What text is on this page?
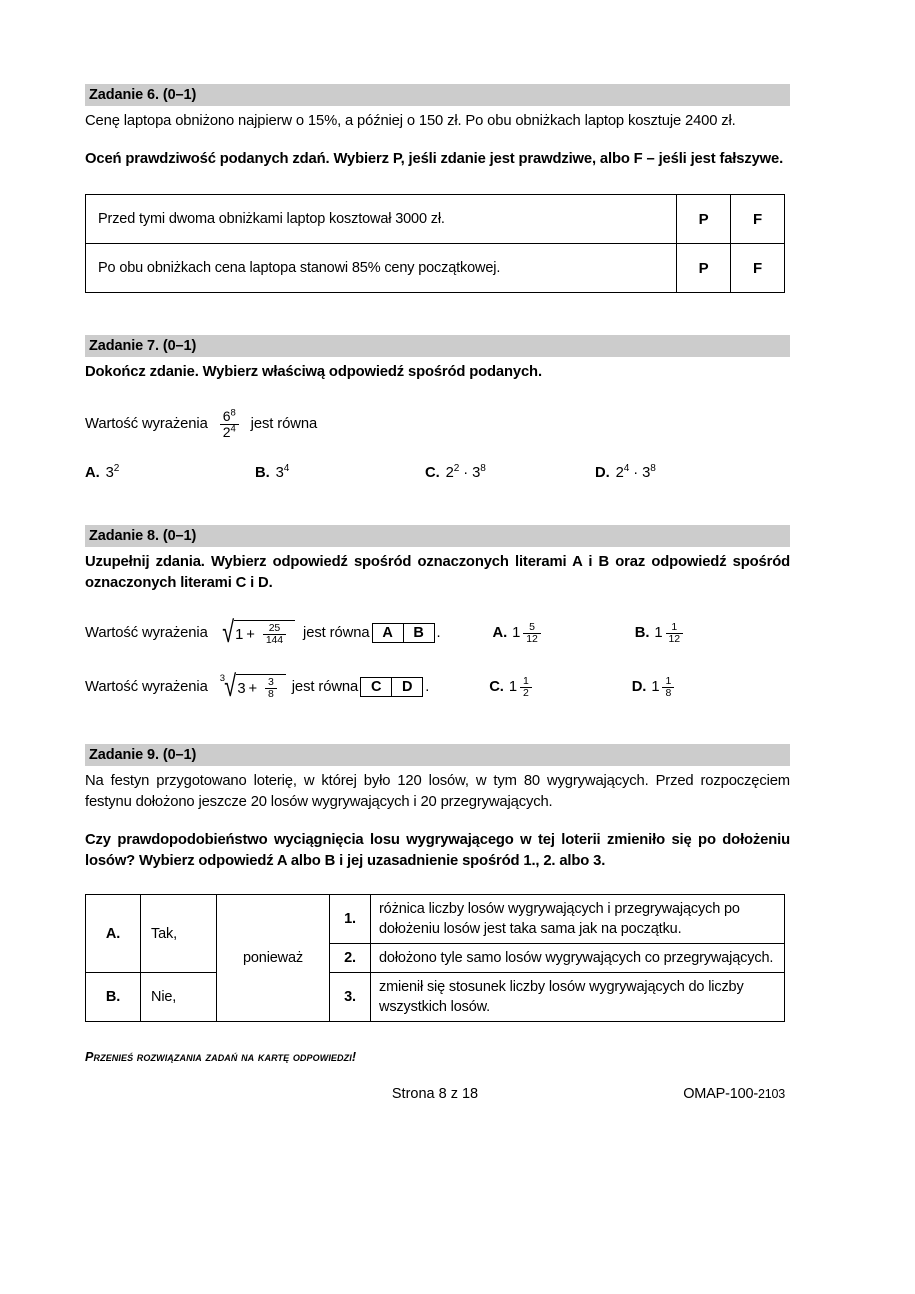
Zadanie 6. (0–1)
Cenę laptopa obniżono najpierw o 15%, a później o 150 zł. Po obu obniżkach laptop kosztuje 2400 zł.
Oceń prawdziwość podanych zdań. Wybierz P, jeśli zdanie jest prawdziwe, albo F – jeśli jest fałszywe.
Przed tymi dwoma obniżkami laptop kosztował 3000 zł.	P	F
Po obu obniżkach cena laptopa stanowi 85% ceny początkowej.	P	F
Zadanie 7. (0–1)
Dokończ zdanie. Wybierz właściwą odpowiedź spośród podanych.
Wartość wyrażenia $\frac{6^8}{2^4}$ jest równa
A. $3^2$	B. $3^4$	C. $2^2 \cdot 3^8$	D. $2^4 \cdot 3^8$
Zadanie 8. (0–1)
Uzupełnij zdania. Wybierz odpowiedź spośród oznaczonych literami A i B oraz odpowiedź spośród oznaczonych literami C i D.
Wartość wyrażenia √ $1 + \frac{25}{144}$ jest równa A	B .	A. $1 \frac{5}{12}$	B. $1 \frac{1}{12}$
Wartość wyrażenia
3 √ $3 + \frac{3}{8}$ jest równa C	D .	C. $1 \frac{1}{2}$	D. $1 \frac{1}{8}$
Zadanie 9. (0–1)
Na festyn przygotowano loterię, w której było 120 losów, w tym 80 wygrywających. Przed rozpoczęciem festynu dołożono jeszcze 20 losów wygrywających i 20 przegrywających.
Czy prawdopodobieństwo wyciągnięcia losu wygrywającego w tej loterii zmieniło się po dołożeniu losów? Wybierz odpowiedź A albo B i jej uzasadnienie spośród 1., 2. albo 3.
A.	Tak,	ponieważ	1.	różnica liczby losów wygrywających i przegrywających po dołożeniu losów jest taka sama jak na początku.
			2.	dołożono tyle samo losów wygrywających co przegrywających.
B.	Nie,		3.	zmienił się stosunek liczby losów wygrywających do liczby wszystkich losów.
Przenieś rozwiązania zadań na kartę odpowiedzi!
Strona 8 z 18	OMAP-100-2103
